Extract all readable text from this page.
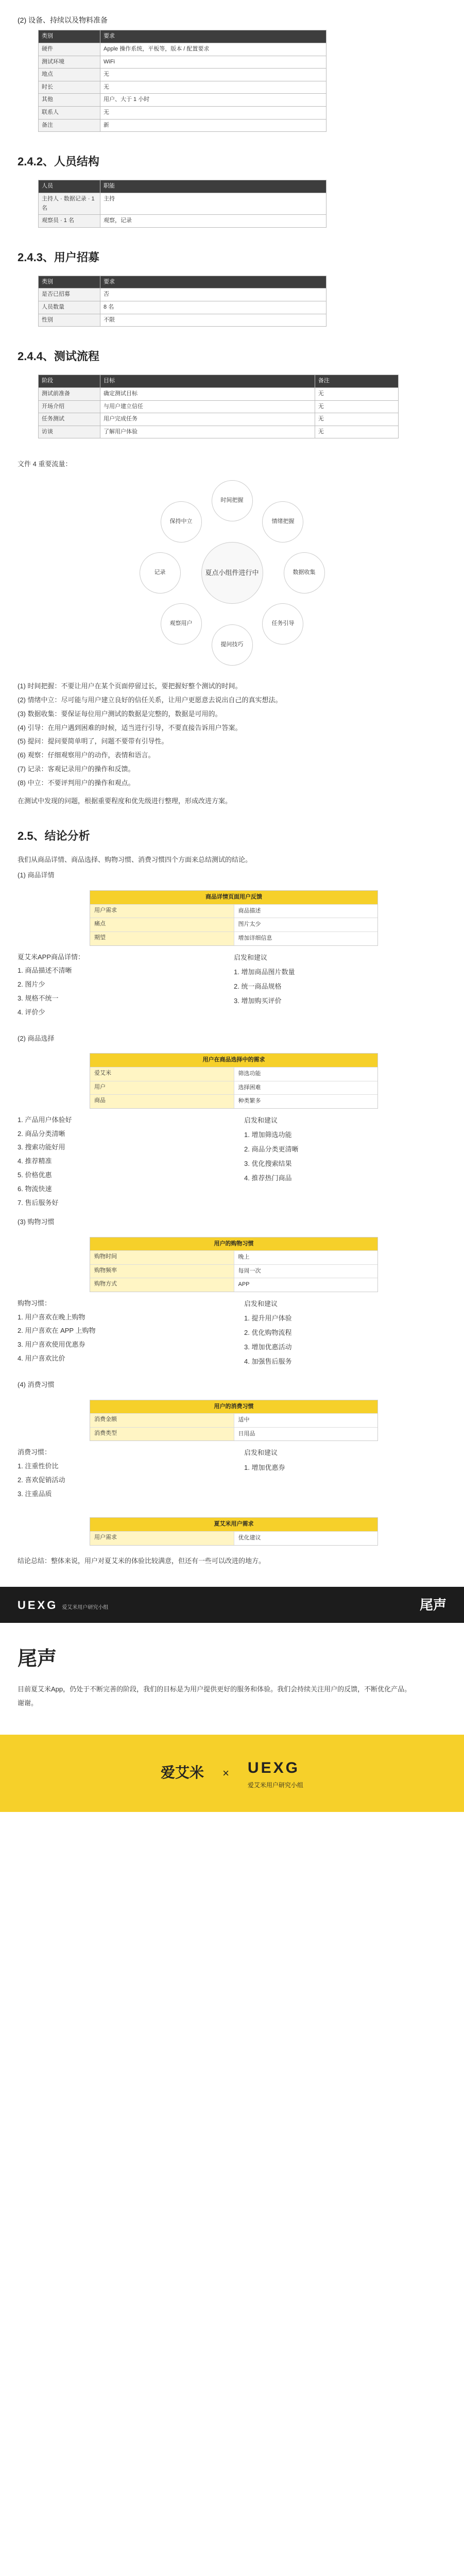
(2) 设备、持续以及物料准备

类别	要求
硬件	Apple 操作系统，平板等，版本 / 配置要求
测试环境	WiFi
地点	无
时长	无
其他	用户、大于 1 小时
联系人	无
备注	新
2.4.2、人员结构
人员	职能
主持人 · 数据记录 · 1 名	主持
观察员 · 1 名	观察，记录
2.4.3、用户招募
类别	要求
是否已招募	否
人员数量	8 名
性别	不限
2.4.4、测试流程
阶段	目标	备注
测试前准备	确定测试目标	无
开场介绍	与用户建立信任	无
任务测试	用户完成任务	无
访谈	了解用户体验	无

文件 4 重要流量：

夏点小组件进行中
时间把握
情绪把握
数据收集
任务引导
提问技巧
观察用户
记录
保持中立

(1) 时间把握：不要让用户在某个页面停留过长，要把握好整个测试的时间。

(2) 情绪中立：尽可能与用户建立良好的信任关系，让用户更愿意去说出自己的真实想法。

(3) 数据收集：要保证每位用户测试的数据是完整的，数据是可用的。

(4) 引导：在用户遇到困难的时候，适当进行引导，不要直接告诉用户答案。

(5) 提问：提问要简单明了，问题不要带有引导性。

(6) 观察：仔细观察用户的动作，表情和语言。

(7) 记录：客观记录用户的操作和反馈。

(8) 中立：不要评判用户的操作和观点。

在测试中发现的问题，根据重要程度和优先级进行整理，形成改进方案。

2.5、结论分析

我们从商品详情、商品选择、购物习惯、消费习惯四个方面来总结测试的结论。

(1) 商品详情

商品详情页面用户反馈
用户需求	商品描述
痛点	图片太少
期望	增加详细信息

夏艾米APP商品详情：

1. 商品描述不清晰

2. 图片少

3. 规格不统一

4. 评价少

启发和建议

1. 增加商品图片数量

2. 统一商品规格

3. 增加购买评价

(2) 商品选择

用户在商品选择中的需求
爱艾米	筛选功能
用户	选择困难
商品	种类繁多

1. 产品用户体验好

2. 商品分类清晰

3. 搜索功能好用

4. 推荐精准

5. 价格优惠

6. 物流快速

7. 售后服务好

启发和建议

1. 增加筛选功能

2. 商品分类更清晰

3. 优化搜索结果

4. 推荐热门商品

(3) 购物习惯

用户的购物习惯
购物时间	晚上
购物频率	每周一次
购物方式	APP

购物习惯：

1. 用户喜欢在晚上购物

2. 用户喜欢在 APP 上购物

3. 用户喜欢使用优惠券

4. 用户喜欢比价

启发和建议

1. 提升用户体验

2. 优化购物流程

3. 增加优惠活动

4. 加强售后服务

(4) 消费习惯

用户的消费习惯
消费金额	适中
消费类型	日用品

消费习惯：

1. 注重性价比

2. 喜欢促销活动

3. 注重品质

启发和建议

1. 增加优惠券

夏艾米用户需求
用户需求	优化建议

结论总结：整体来说，用户对夏艾米的体验比较满意，但还有一些可以改进的地方。

UEXG 爱艾米用户研究小组	尾声
尾声

目前夏艾米App，仍处于不断完善的阶段，我们的目标是为用户提供更好的服务和体验。我们会持续关注用户的反馈，不断优化产品。

谢谢。

爱艾米 × UEXG
爱艾米用户研究小组
